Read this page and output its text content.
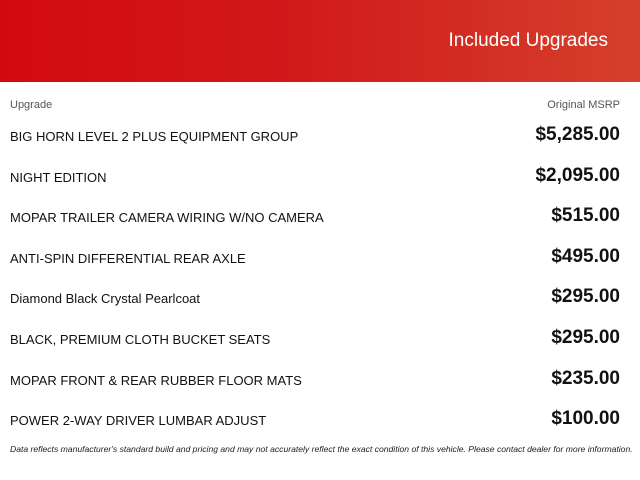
Included Upgrades
Upgrade	Original MSRP
BIG HORN LEVEL 2 PLUS EQUIPMENT GROUP	$5,285.00
NIGHT EDITION	$2,095.00
MOPAR TRAILER CAMERA WIRING W/NO CAMERA	$515.00
ANTI-SPIN DIFFERENTIAL REAR AXLE	$495.00
Diamond Black Crystal Pearlcoat	$295.00
BLACK, PREMIUM CLOTH BUCKET SEATS	$295.00
MOPAR FRONT & REAR RUBBER FLOOR MATS	$235.00
POWER 2-WAY DRIVER LUMBAR ADJUST	$100.00
Data reflects manufacturer's standard build and pricing and may not accurately reflect the exact condition of this vehicle. Please contact dealer for more information.
